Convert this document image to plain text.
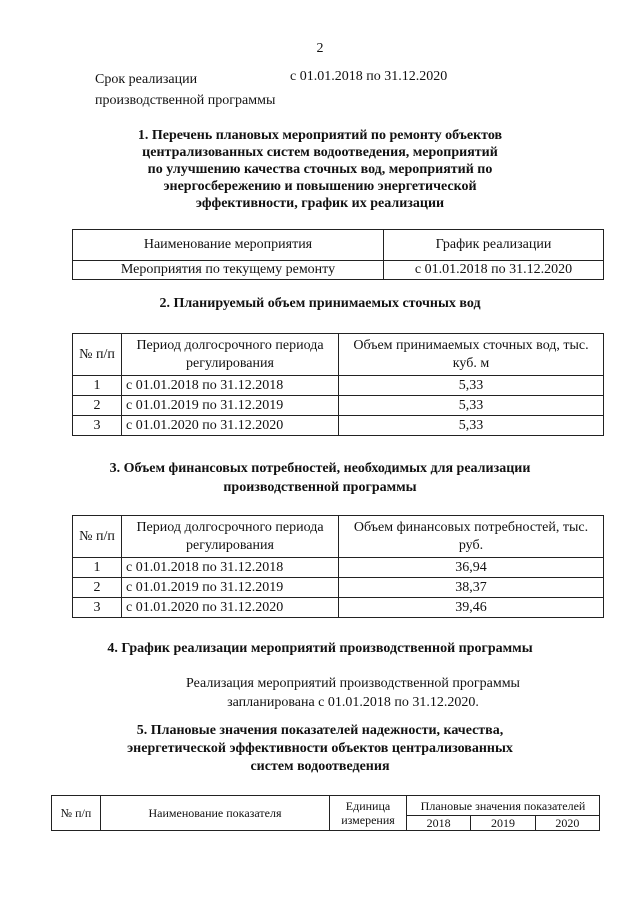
2
Срок реализации
производственной программы
с 01.01.2018 по 31.12.2020
1. Перечень плановых мероприятий по ремонту объектов
централизованных систем водоотведения, мероприятий
по улучшению качества сточных вод, мероприятий по
энергосбережению и повышению энергетической
эффективности, график их реализации
Наименование мероприятия	График реализации
Мероприятия по текущему ремонту	с 01.01.2018 по 31.12.2020
2. Планируемый объем принимаемых сточных вод
№ п/п	Период долгосрочного периода регулирования	Объем принимаемых сточных вод, тыс. куб. м
1	с 01.01.2018 по 31.12.2018	5,33
2	с 01.01.2019 по 31.12.2019	5,33
3	с 01.01.2020 по 31.12.2020	5,33
3. Объем финансовых потребностей, необходимых для реализации
производственной программы
№ п/п	Период долгосрочного периода регулирования	Объем финансовых потребностей, тыс. руб.
1	с 01.01.2018 по 31.12.2018	36,94
2	с 01.01.2019 по 31.12.2019	38,37
3	с 01.01.2020 по 31.12.2020	39,46
4. График реализации мероприятий производственной программы
Реализация мероприятий производственной программы
запланирована с 01.01.2018 по 31.12.2020.
5. Плановые значения показателей надежности, качества,
энергетической эффективности объектов централизованных
систем водоотведения
№ п/п	Наименование показателя	Единица измерения	Плановые значения показателей		
			2018	2019	2020
